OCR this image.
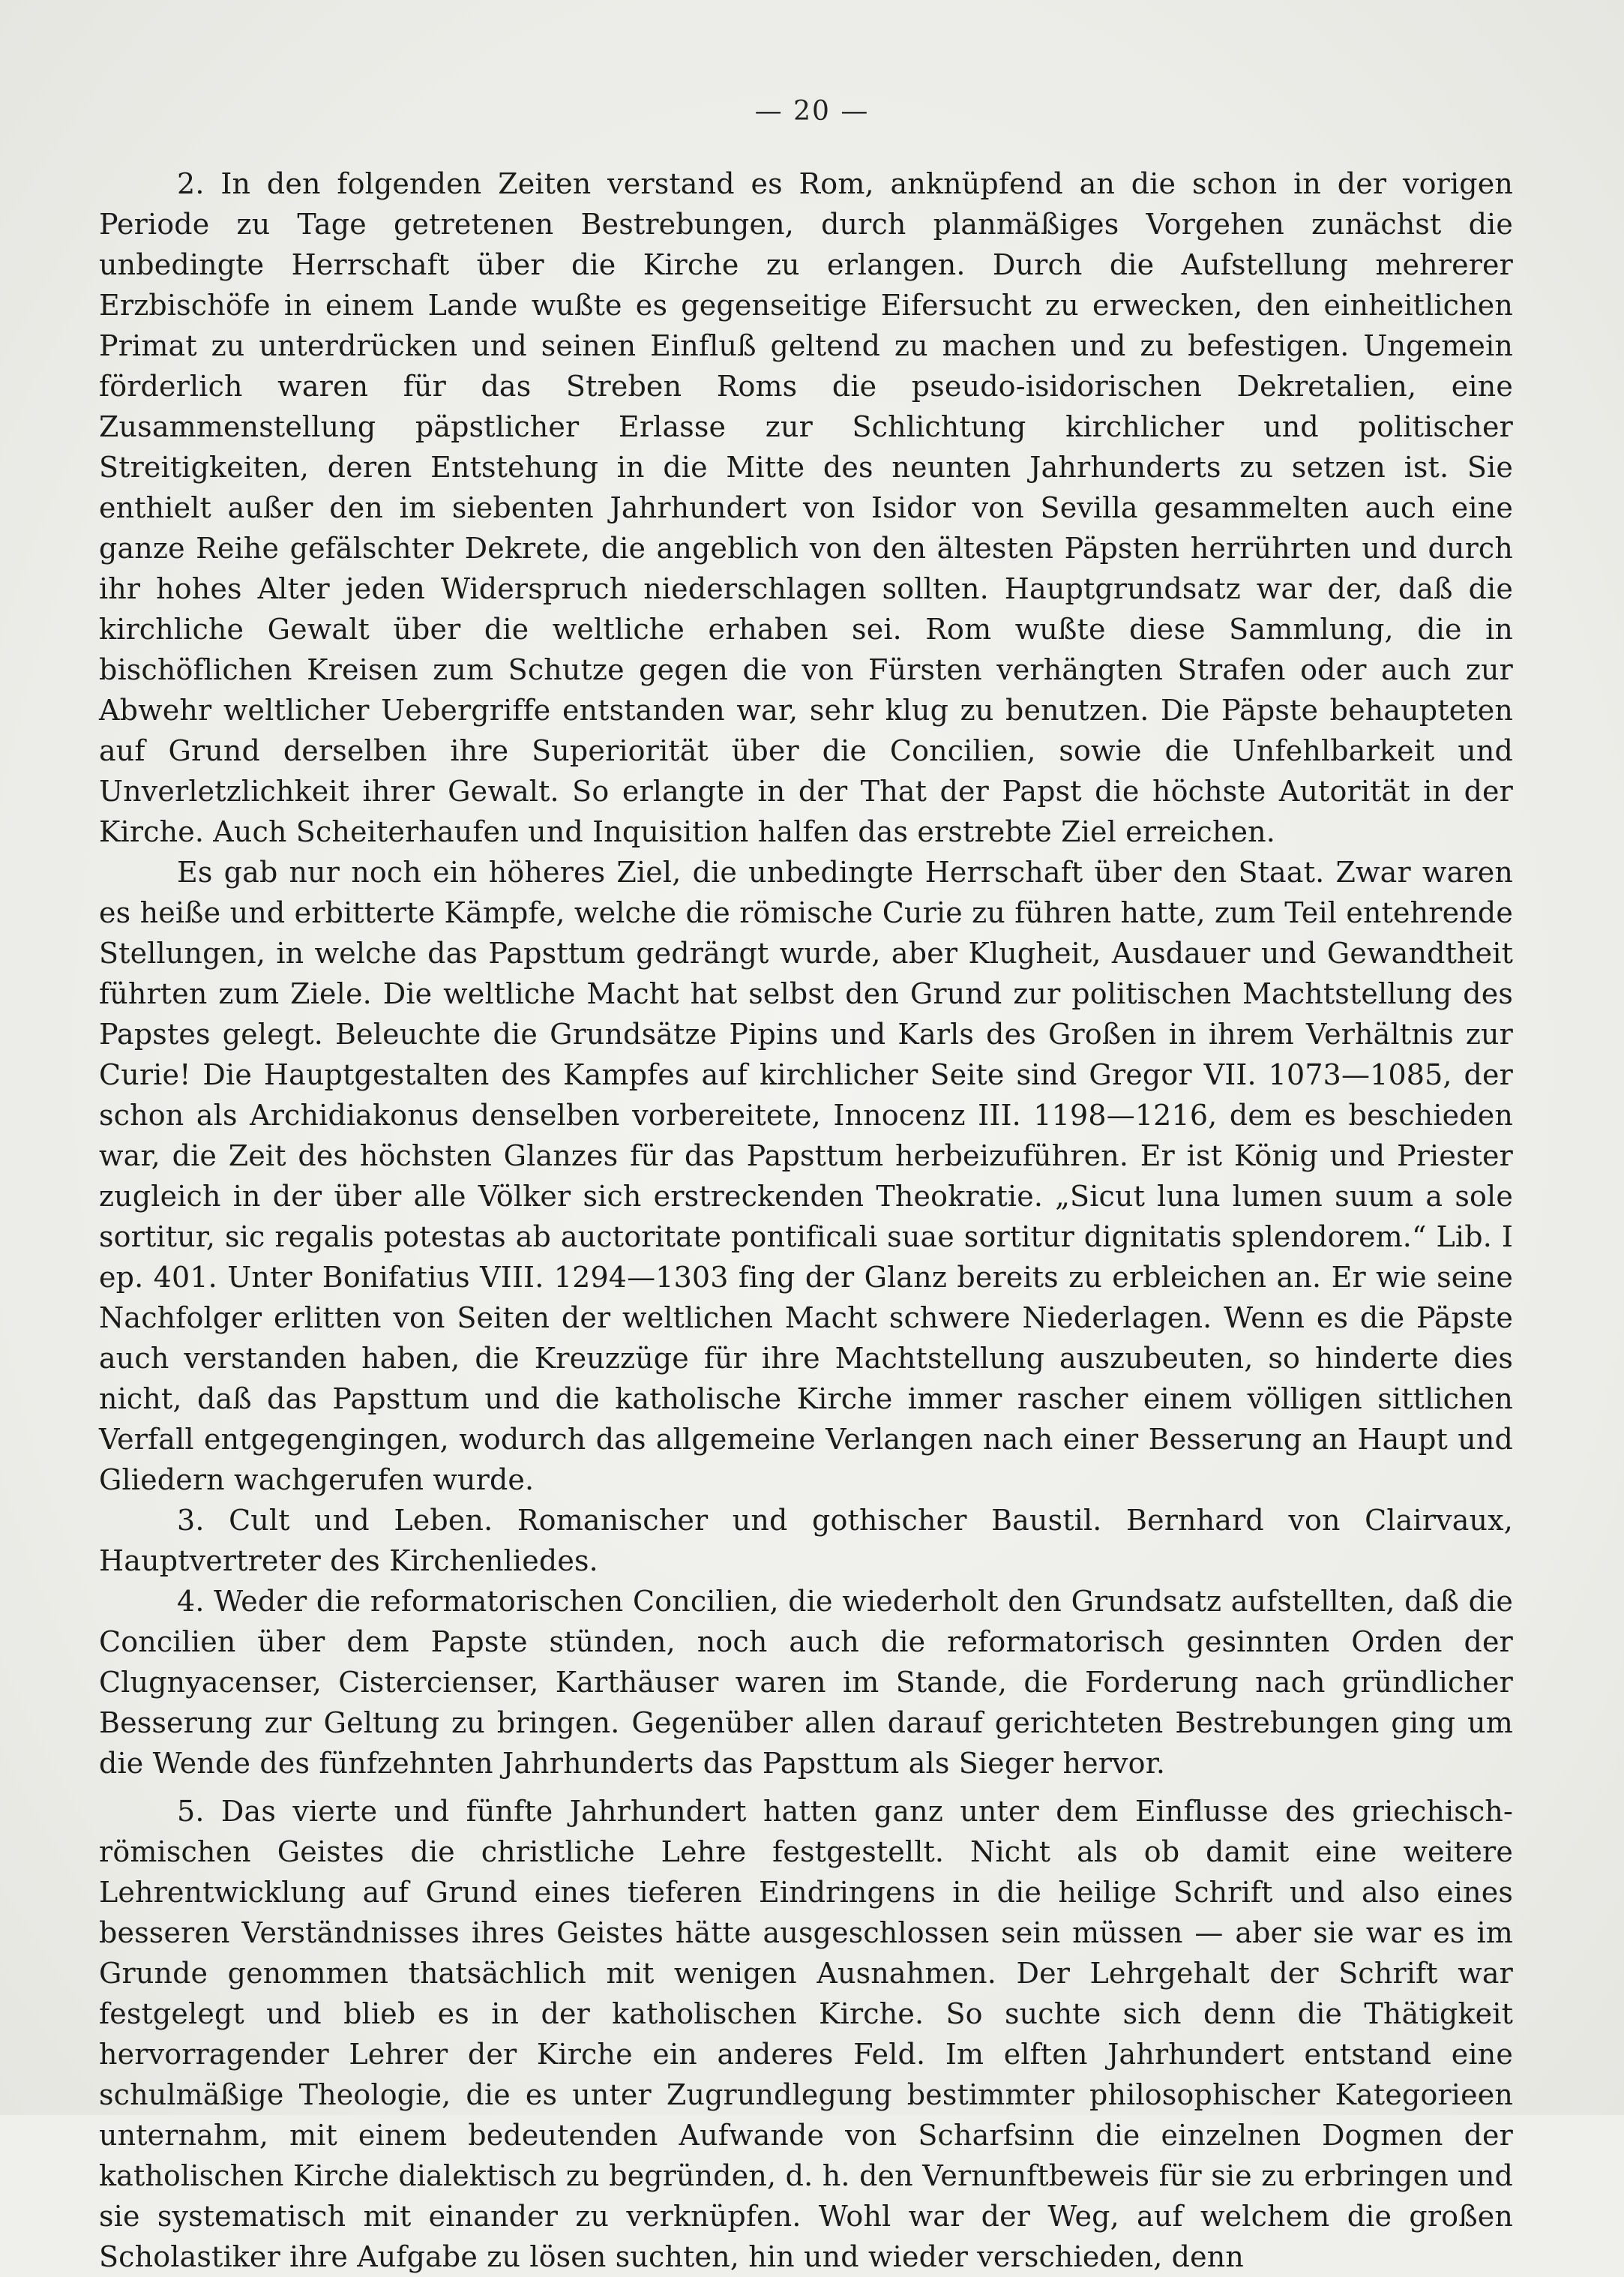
— 20 —

2. In den folgenden Zeiten verstand es Rom, anknüpfend an die schon in der vorigen Periode zu Tage getretenen Bestrebungen, durch planmäßiges Vorgehen zunächst die unbedingte Herrschaft über die Kirche zu erlangen. Durch die Aufstellung mehrerer Erzbischöfe in einem Lande wußte es gegenseitige Eifersucht zu erwecken, den einheitlichen Primat zu unterdrücken und seinen Einfluß geltend zu machen und zu befestigen. Ungemein förderlich waren für das Streben Roms die pseudo-isidorischen Dekretalien, eine Zusammenstellung päpstlicher Erlasse zur Schlichtung kirchlicher und politischer Streitigkeiten, deren Entstehung in die Mitte des neunten Jahrhunderts zu setzen ist. Sie enthielt außer den im siebenten Jahrhundert von Isidor von Sevilla gesammelten auch eine ganze Reihe gefälschter Dekrete, die angeblich von den ältesten Päpsten herrührten und durch ihr hohes Alter jeden Widerspruch niederschlagen sollten. Hauptgrundsatz war der, daß die kirchliche Gewalt über die weltliche erhaben sei. Rom wußte diese Sammlung, die in bischöflichen Kreisen zum Schutze gegen die von Fürsten verhängten Strafen oder auch zur Abwehr weltlicher Uebergriffe entstanden war, sehr klug zu benutzen. Die Päpste behaupteten auf Grund derselben ihre Superiorität über die Concilien, sowie die Unfehlbarkeit und Unverletzlichkeit ihrer Gewalt. So erlangte in der That der Papst die höchste Autorität in der Kirche. Auch Scheiterhaufen und Inquisition halfen das erstrebte Ziel erreichen.

Es gab nur noch ein höheres Ziel, die unbedingte Herrschaft über den Staat. Zwar waren es heiße und erbitterte Kämpfe, welche die römische Curie zu führen hatte, zum Teil entehrende Stellungen, in welche das Papsttum gedrängt wurde, aber Klugheit, Ausdauer und Gewandtheit führten zum Ziele. Die weltliche Macht hat selbst den Grund zur politischen Machtstellung des Papstes gelegt. Beleuchte die Grundsätze Pipins und Karls des Großen in ihrem Verhältnis zur Curie! Die Hauptgestalten des Kampfes auf kirchlicher Seite sind Gregor VII. 1073—1085, der schon als Archidiakonus denselben vorbereitete, Innocenz III. 1198—1216, dem es beschieden war, die Zeit des höchsten Glanzes für das Papsttum herbeizuführen. Er ist König und Priester zugleich in der über alle Völker sich erstreckenden Theokratie. „Sicut luna lumen suum a sole sortitur, sic regalis potestas ab auctoritate pontificali suae sortitur dignitatis splendorem.“ Lib. I ep. 401. Unter Bonifatius VIII. 1294—1303 fing der Glanz bereits zu erbleichen an. Er wie seine Nachfolger erlitten von Seiten der weltlichen Macht schwere Niederlagen. Wenn es die Päpste auch verstanden haben, die Kreuzzüge für ihre Machtstellung auszubeuten, so hinderte dies nicht, daß das Papsttum und die katholische Kirche immer rascher einem völligen sittlichen Verfall entgegengingen, wodurch das allgemeine Verlangen nach einer Besserung an Haupt und Gliedern wachgerufen wurde.

3. Cult und Leben. Romanischer und gothischer Baustil. Bernhard von Clairvaux, Hauptvertreter des Kirchenliedes.

4. Weder die reformatorischen Concilien, die wiederholt den Grundsatz aufstellten, daß die Concilien über dem Papste stünden, noch auch die reformatorisch gesinnten Orden der Clugnyacenser, Cistercienser, Karthäuser waren im Stande, die Forderung nach gründlicher Besserung zur Geltung zu bringen. Gegenüber allen darauf gerichteten Bestrebungen ging um die Wende des fünfzehnten Jahrhunderts das Papsttum als Sieger hervor.

5. Das vierte und fünfte Jahrhundert hatten ganz unter dem Einflusse des griechisch-römischen Geistes die christliche Lehre festgestellt. Nicht als ob damit eine weitere Lehrentwicklung auf Grund eines tieferen Eindringens in die heilige Schrift und also eines besseren Verständnisses ihres Geistes hätte ausgeschlossen sein müssen — aber sie war es im Grunde genommen thatsächlich mit wenigen Ausnahmen. Der Lehrgehalt der Schrift war festgelegt und blieb es in der katholischen Kirche. So suchte sich denn die Thätigkeit hervorragender Lehrer der Kirche ein anderes Feld. Im elften Jahrhundert entstand eine schulmäßige Theologie, die es unter Zugrundlegung bestimmter philosophischer Kategorieen unternahm, mit einem bedeutenden Aufwande von Scharfsinn die einzelnen Dogmen der katholischen Kirche dialektisch zu begründen, d. h. den Vernunftbeweis für sie zu erbringen und sie systematisch mit einander zu verknüpfen. Wohl war der Weg, auf welchem die großen Scholastiker ihre Aufgabe zu lösen suchten, hin und wieder verschieden, denn
